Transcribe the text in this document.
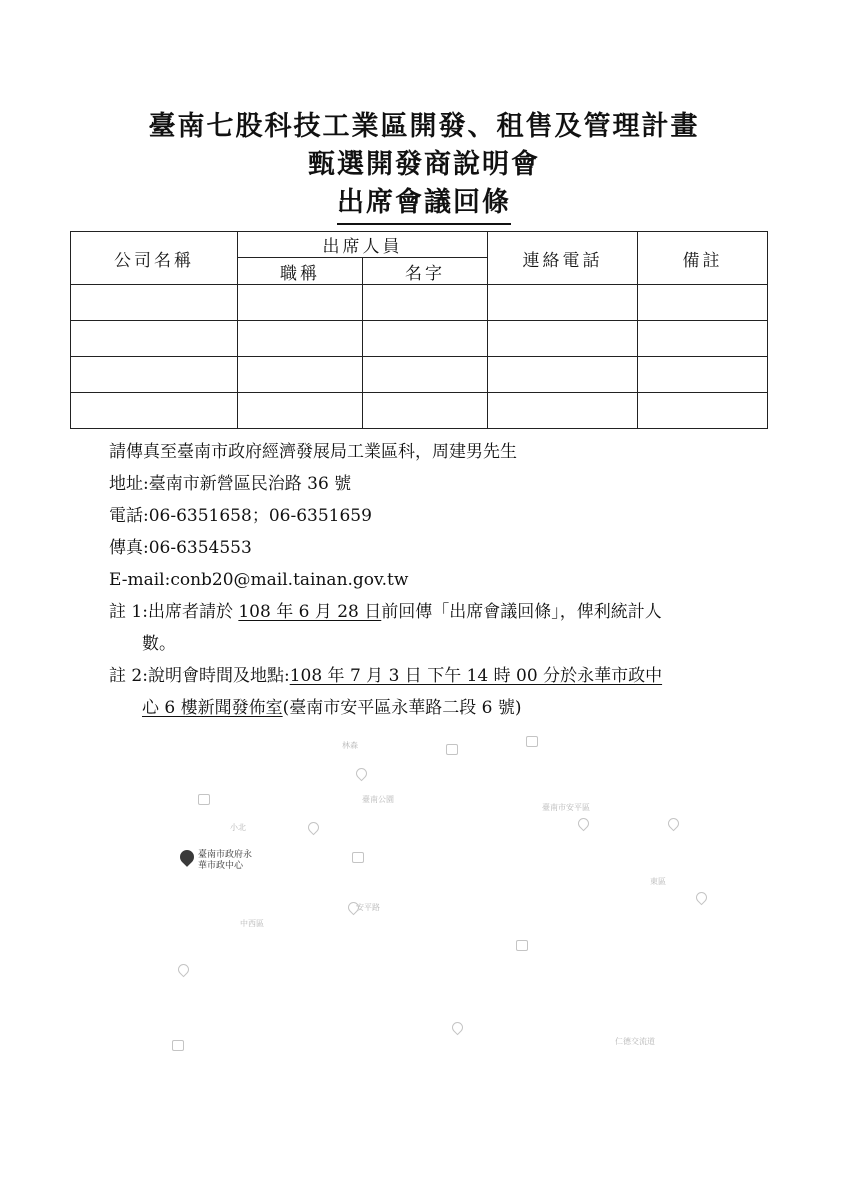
臺南七股科技工業區開發、租售及管理計畫
甄選開發商說明會
出席會議回條
公司名稱	出席人員		連絡電話	備註
	職稱	名字		

請傳真至臺南市政府經濟發展局工業區科，周建男先生
地址:臺南市新營區民治路 36 號
電話:06-6351658；06-6351659
傳真:06-6354553
E-mail:conb20@mail.tainan.gov.tw
註 1:出席者請於 108 年 6 月 28 日前回傳「出席會議回條」，俾利統計人
數。
註 2:說明會時間及地點:108 年 7 月 3 日 下午 14 時 00 分於永華市政中
心 6 樓新聞發佈室(臺南市安平區永華路二段 6 號)
臺南市政府永
華市政中心
林森
臺南公園
小北
臺南市安平區
安平路
仁德交流道
中西區
東區
